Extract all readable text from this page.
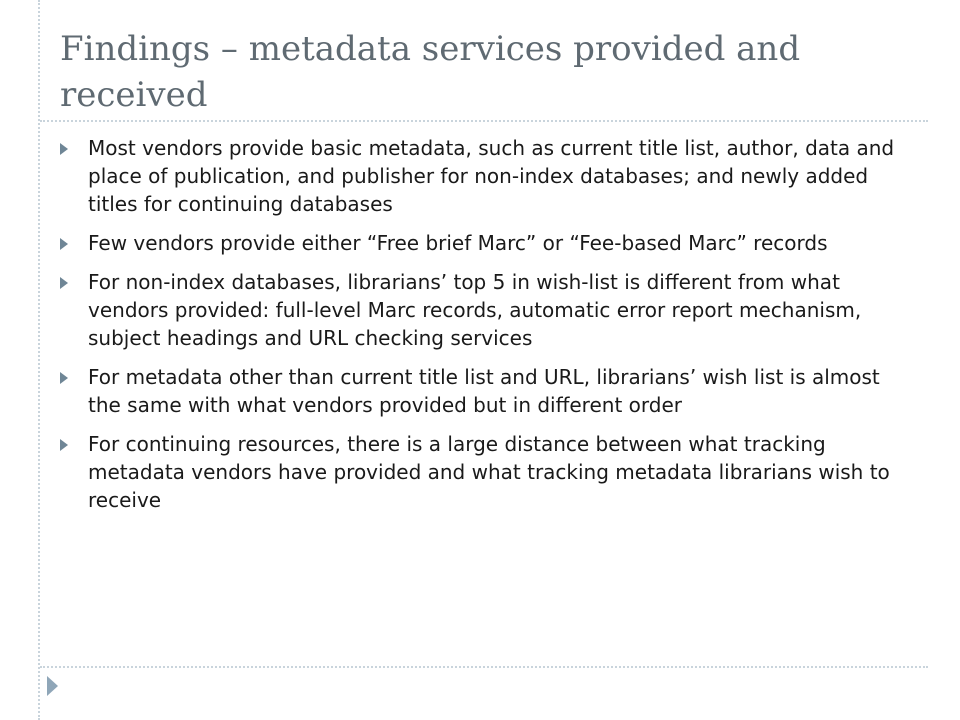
Findings – metadata services provided and received
Most vendors provide basic metadata, such as current title list, author, data and place of publication, and publisher for non-index databases; and newly added titles for continuing databases
Few vendors provide either “Free brief Marc” or “Fee-based Marc” records
For non-index databases, librarians’ top 5 in wish-list is different from what vendors provided: full-level Marc records, automatic error report mechanism, subject headings and URL checking services
For metadata other than current title list and URL, librarians’ wish list is almost the same with what vendors provided but in different order
For continuing resources, there is a large distance between what tracking metadata vendors have provided and what tracking metadata librarians wish to receive
